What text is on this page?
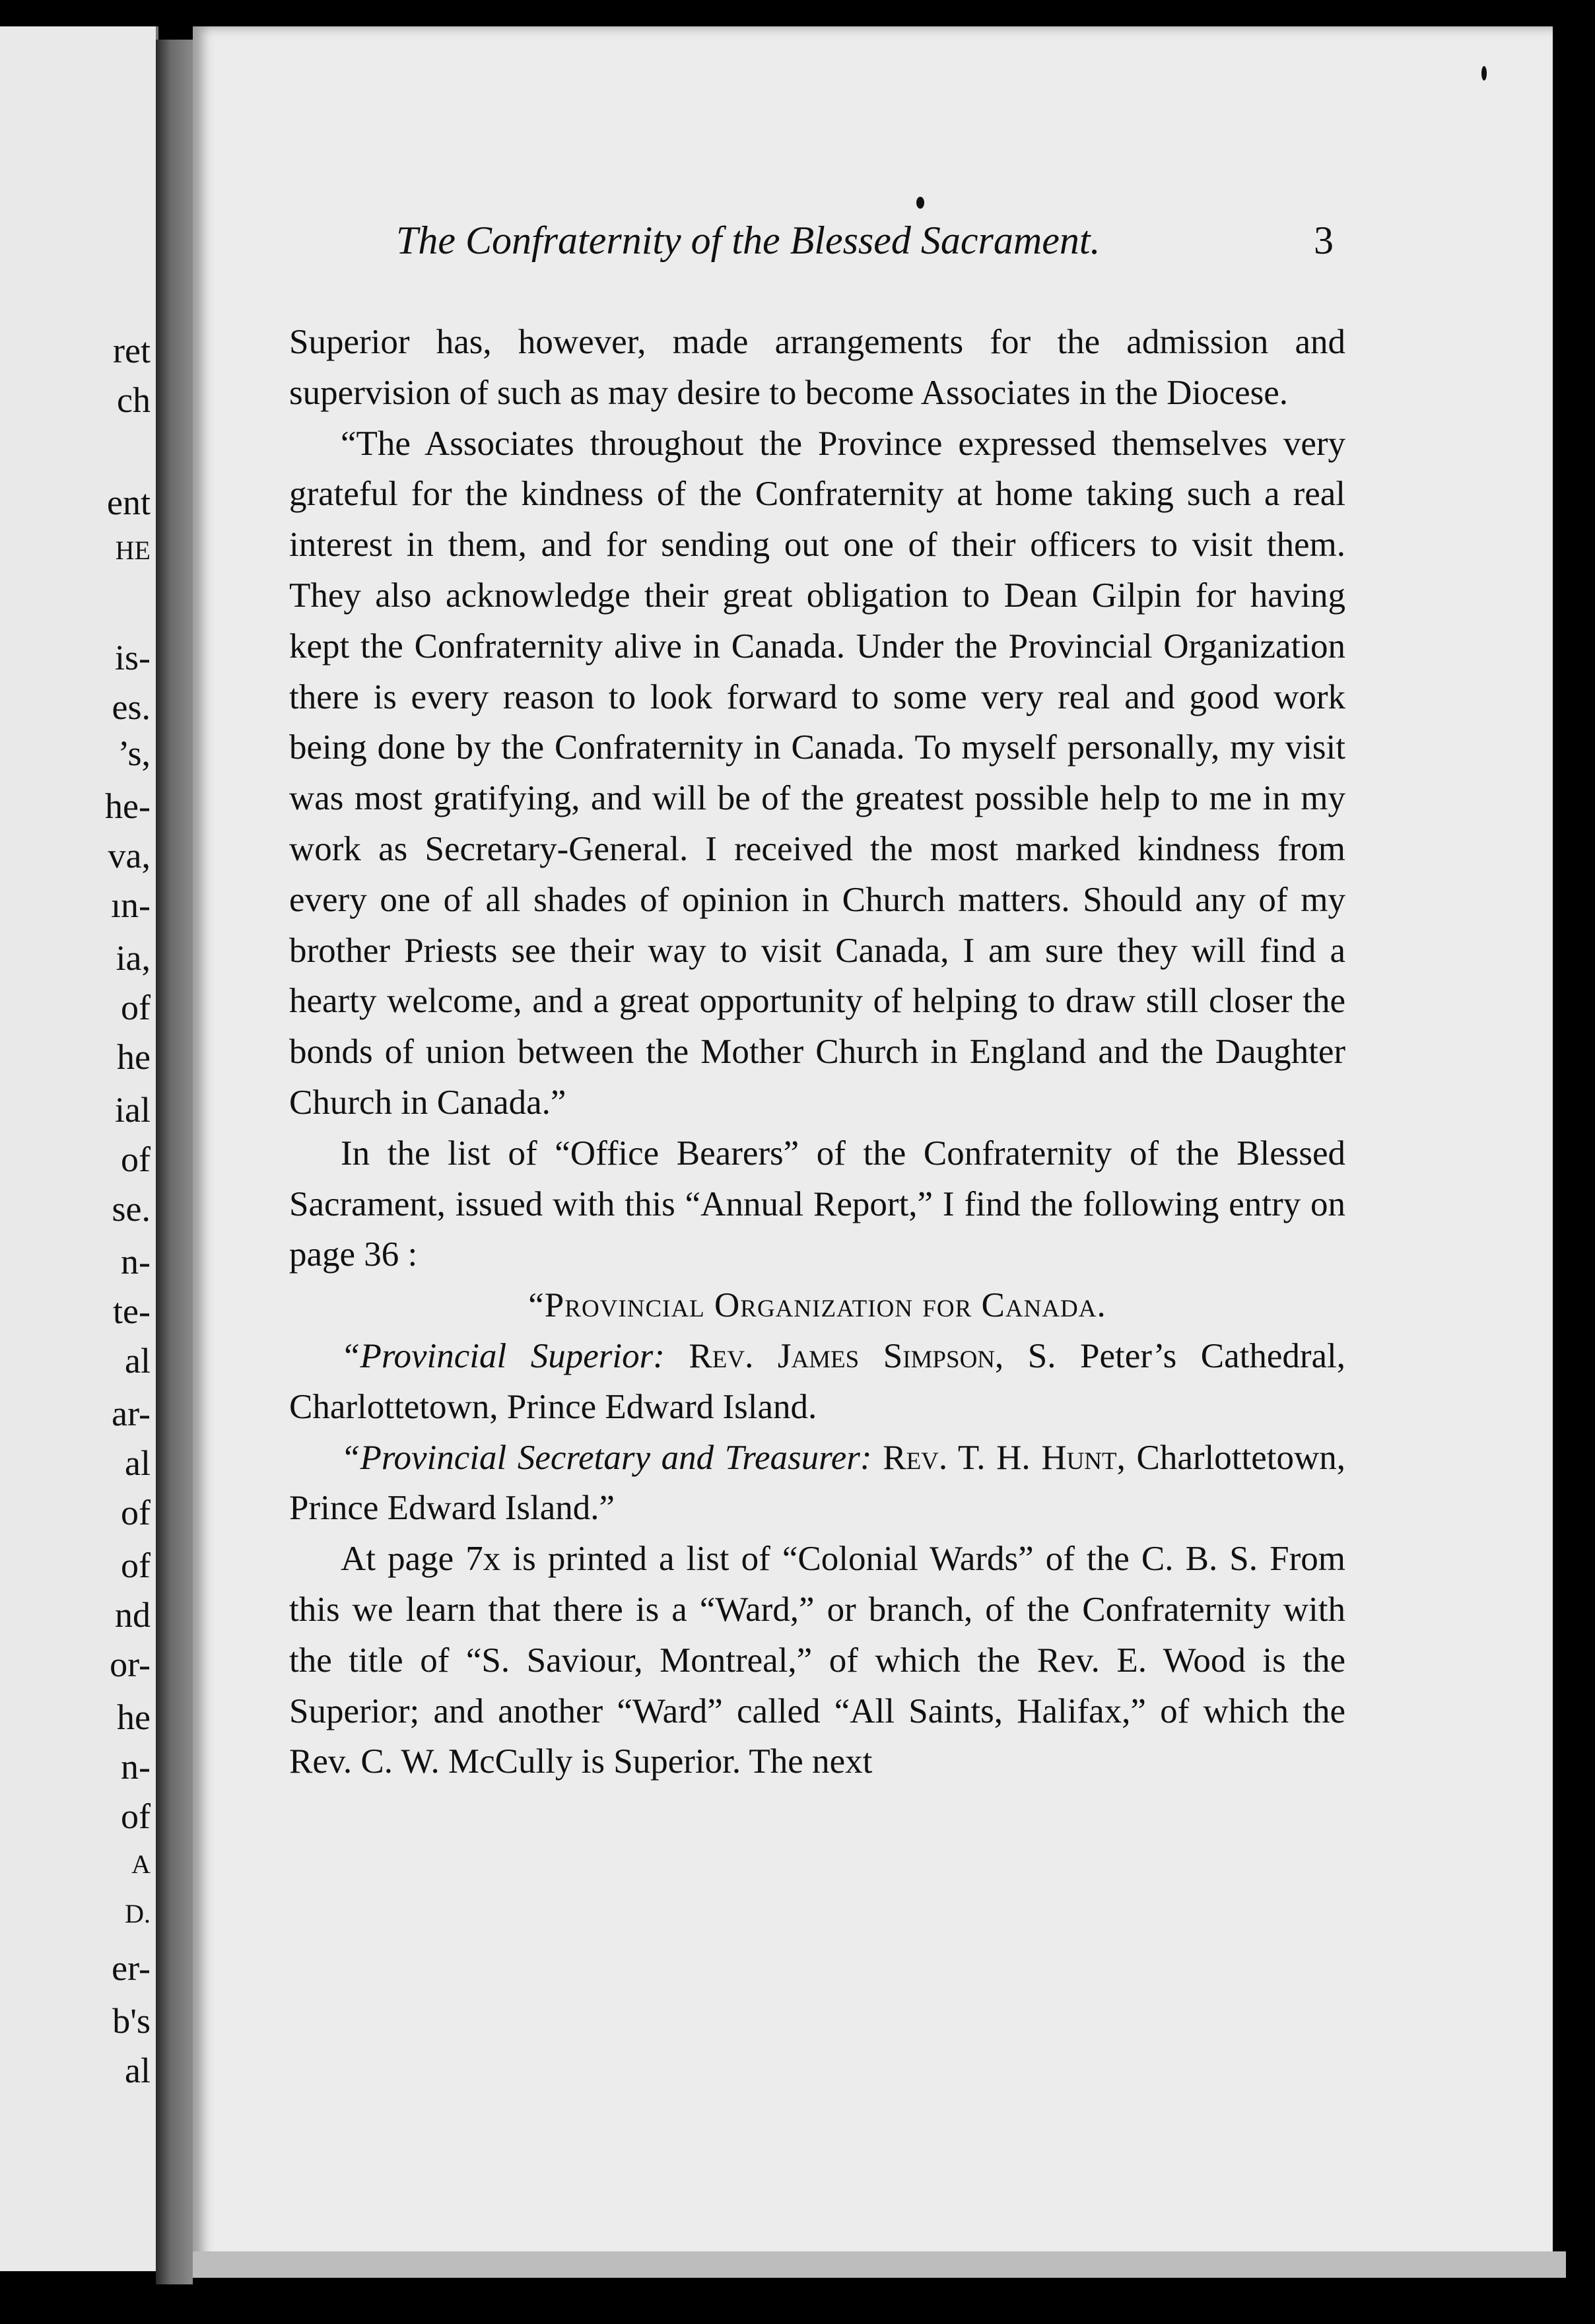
ret
ch
ent
HE
is-
es.
’s,
he-
va,
ın-
ia,
of
he
ial
of
se.
n-
te-
al
ar-
al
of
of
nd
or-
he
n-
of
A
D.
er-
b's
al
The Confraternity of the Blessed Sacrament.	3

Superior has, however, made arrangements for the admission and supervision of such as may desire to become Associates in the Diocese.

“The Associates throughout the Province expressed themselves very grateful for the kindness of the Confraternity at home taking such a real interest in them, and for sending out one of their officers to visit them. They also acknowledge their great obligation to Dean Gilpin for having kept the Confraternity alive in Canada. Under the Provincial Organization there is every reason to look forward to some very real and good work being done by the Confraternity in Canada. To myself personally, my visit was most gratifying, and will be of the greatest possible help to me in my work as Secretary-General. I received the most marked kindness from every one of all shades of opinion in Church matters. Should any of my brother Priests see their way to visit Canada, I am sure they will find a hearty welcome, and a great opportunity of helping to draw still closer the bonds of union between the Mother Church in England and the Daughter Church in Canada.”

In the list of “Office Bearers” of the Confraternity of the Blessed Sacrament, issued with this “Annual Report,” I find the following entry on page 36 :

“Provincial Organization for Canada.

“Provincial Superior: Rev. James Simpson, S. Peter’s Cathedral, Charlottetown, Prince Edward Island.

“Provincial Secretary and Treasurer: Rev. T. H. Hunt, Charlottetown, Prince Edward Island.”

At page 7x is printed a list of “Colonial Wards” of the C. B. S. From this we learn that there is a “Ward,” or branch, of the Confraternity with the title of “S. Saviour, Montreal,” of which the Rev. E. Wood is the Superior; and another “Ward” called “All Saints, Halifax,” of which the Rev. C. W. McCully is Superior. The next
